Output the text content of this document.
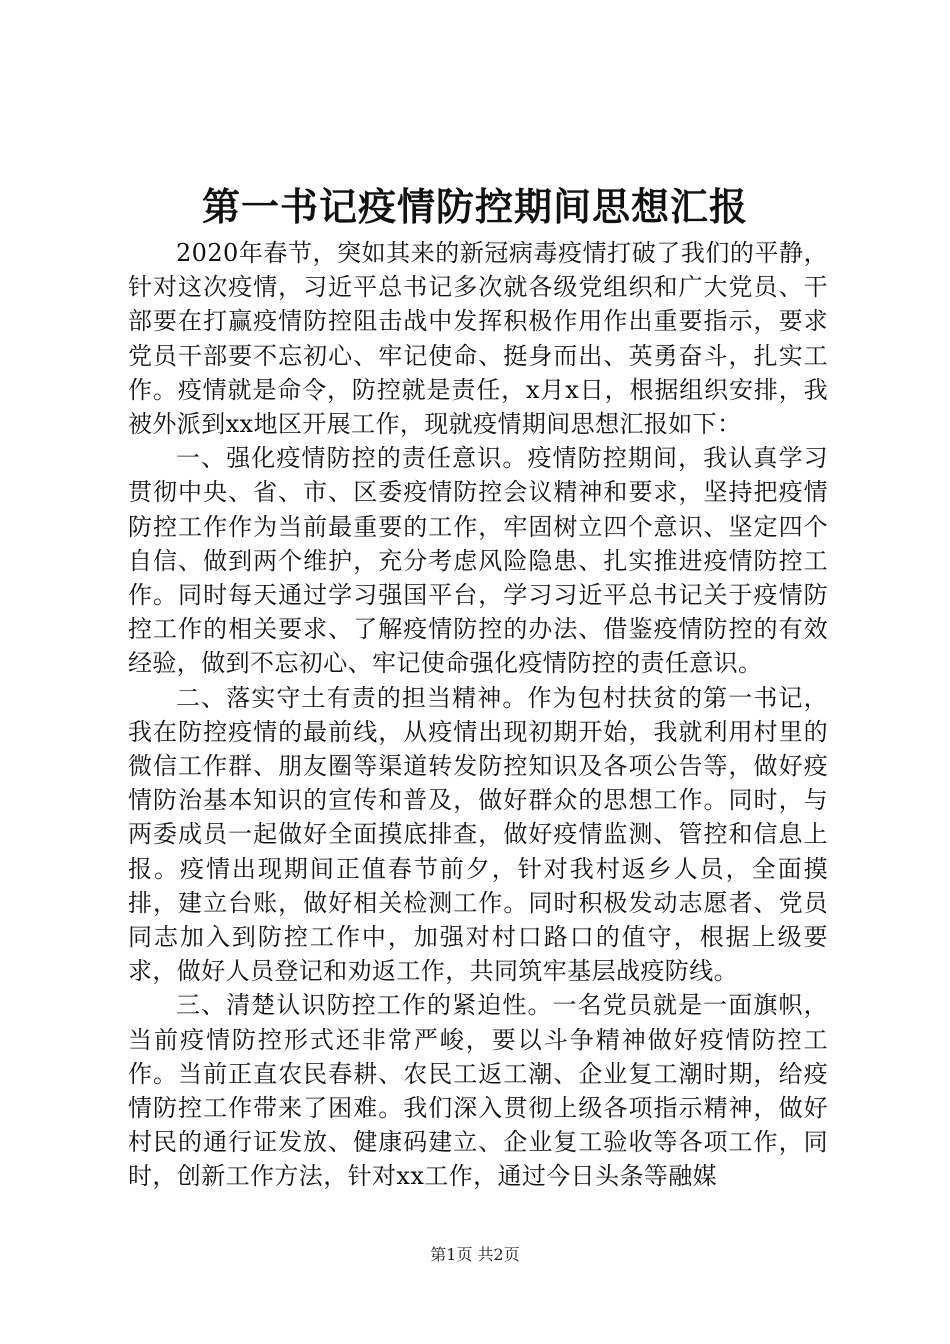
第一书记疫情防控期间思想汇报

2020年春节，突如其来的新冠病毒疫情打破了我们的平静，针对这次疫情，习近平总书记多次就各级党组织和广大党员、干部要在打赢疫情防控阻击战中发挥积极作用作出重要指示，要求党员干部要不忘初心、牢记使命、挺身而出、英勇奋斗，扎实工作。疫情就是命令，防控就是责任，x月x日，根据组织安排，我被外派到xx地区开展工作，现就疫情期间思想汇报如下：

一、强化疫情防控的责任意识。疫情防控期间，我认真学习贯彻中央、省、市、区委疫情防控会议精神和要求，坚持把疫情防控工作作为当前最重要的工作，牢固树立四个意识、坚定四个自信、做到两个维护，充分考虑风险隐患、扎实推进疫情防控工作。同时每天通过学习强国平台，学习习近平总书记关于疫情防控工作的相关要求、了解疫情防控的办法、借鉴疫情防控的有效经验，做到不忘初心、牢记使命强化疫情防控的责任意识。

二、落实守土有责的担当精神。作为包村扶贫的第一书记，我在防控疫情的最前线，从疫情出现初期开始，我就利用村里的微信工作群、朋友圈等渠道转发防控知识及各项公告等，做好疫情防治基本知识的宣传和普及，做好群众的思想工作。同时，与两委成员一起做好全面摸底排查，做好疫情监测、管控和信息上报。疫情出现期间正值春节前夕，针对我村返乡人员，全面摸排，建立台账，做好相关检测工作。同时积极发动志愿者、党员同志加入到防控工作中，加强对村口路口的值守，根据上级要求，做好人员登记和劝返工作，共同筑牢基层战疫防线。

三、清楚认识防控工作的紧迫性。一名党员就是一面旗帜，当前疫情防控形式还非常严峻，要以斗争精神做好疫情防控工作。当前正直农民春耕、农民工返工潮、企业复工潮时期，给疫情防控工作带来了困难。我们深入贯彻上级各项指示精神，做好村民的通行证发放、健康码建立、企业复工验收等各项工作，同时，创新工作方法，针对xx工作，通过今日头条等融媒

第1页 共2页
